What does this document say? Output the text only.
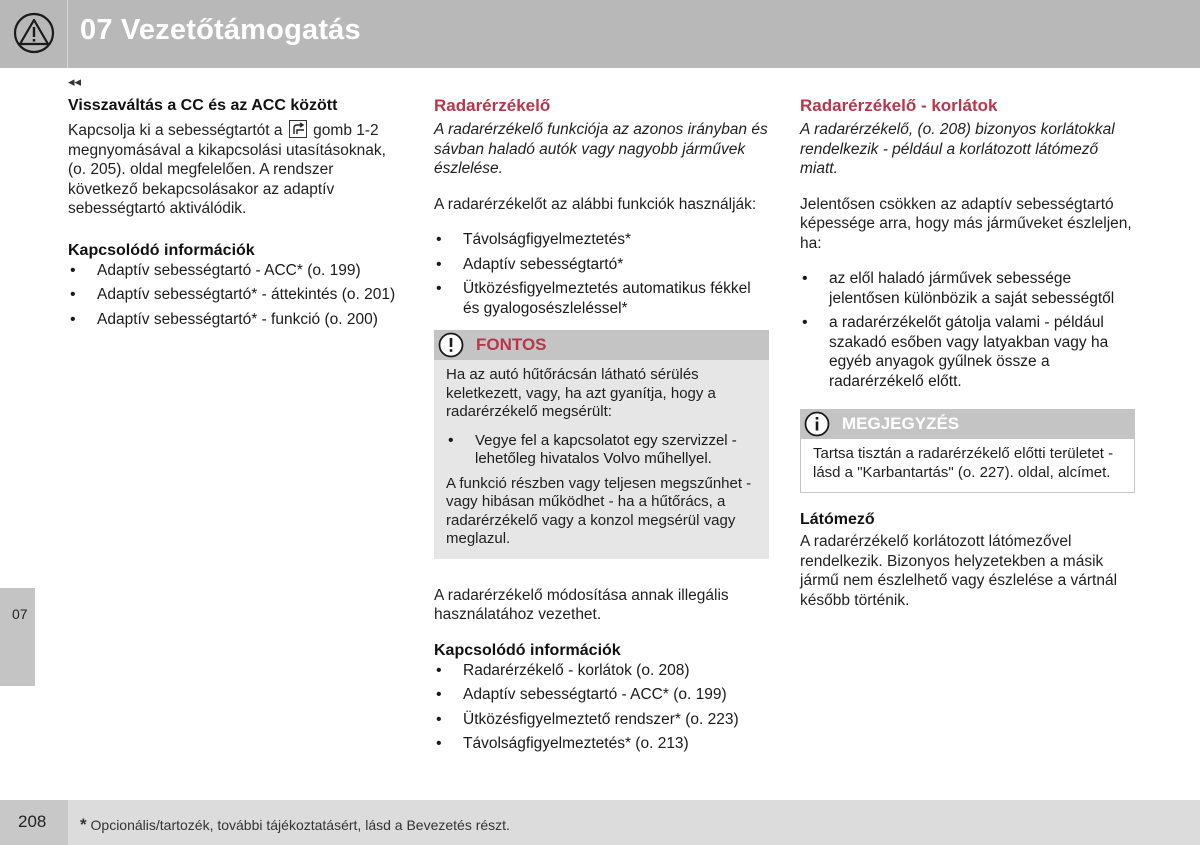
07 Vezetőtámogatás
◂◂
07
Visszaváltás a CC és az ACC között
Kapcsolja ki a sebességtartót a gomb 1-2 megnyomásával a kikapcsolási utasításoknak, (o. 205). oldal megfelelően. A rendszer következő bekapcsolásakor az adaptív sebességtartó aktiválódik.
Kapcsolódó információk
• Adaptív sebességtartó - ACC* (o. 199)
• Adaptív sebességtartó* - áttekintés (o. 201)
• Adaptív sebességtartó* - funkció (o. 200)
Radarérzékelő
A radarérzékelő funkciója az azonos irányban és sávban haladó autók vagy nagyobb járművek észlelése.
A radarérzékelőt az alábbi funkciók használják:
• Távolságfigyelmeztetés*
• Adaptív sebességtartó*
• Ütközésfigyelmeztetés automatikus fékkel és gyalogosészleléssel*
FONTOS
Ha az autó hűtőrácsán látható sérülés keletkezett, vagy, ha azt gyanítja, hogy a radarérzékelő megsérült:
• Vegye fel a kapcsolatot egy szervizzel - lehetőleg hivatalos Volvo műhellyel.
A funkció részben vagy teljesen megszűnhet - vagy hibásan működhet - ha a hűtőrács, a radarérzékelő vagy a konzol megsérül vagy meglazul.
A radarérzékelő módosítása annak illegális használatához vezethet.
Kapcsolódó információk
• Radarérzékelő - korlátok (o. 208)
• Adaptív sebességtartó - ACC* (o. 199)
• Ütközésfigyelmeztető rendszer* (o. 223)
• Távolságfigyelmeztetés* (o. 213)
Radarérzékelő - korlátok
A radarérzékelő, (o. 208) bizonyos korlátokkal rendelkezik - például a korlátozott látómező miatt.
Jelentősen csökken az adaptív sebességtartó képessége arra, hogy más járműveket észleljen, ha:
• az elől haladó járművek sebessége jelentősen különbözik a saját sebességtől
• a radarérzékelőt gátolja valami - például szakadó esőben vagy latyakban vagy ha egyéb anyagok gyűlnek össze a radarérzékelő előtt.
MEGJEGYZÉS
Tartsa tisztán a radarérzékelő előtti területet - lásd a "Karbantartás" (o. 227). oldal, alcímet.
Látómező
A radarérzékelő korlátozott látómezővel rendelkezik. Bizonyos helyzetekben a másik jármű nem észlelhető vagy észlelése a vártnál később történik.
208 * Opcionális/tartozék, további tájékoztatásért, lásd a Bevezetés részt.
